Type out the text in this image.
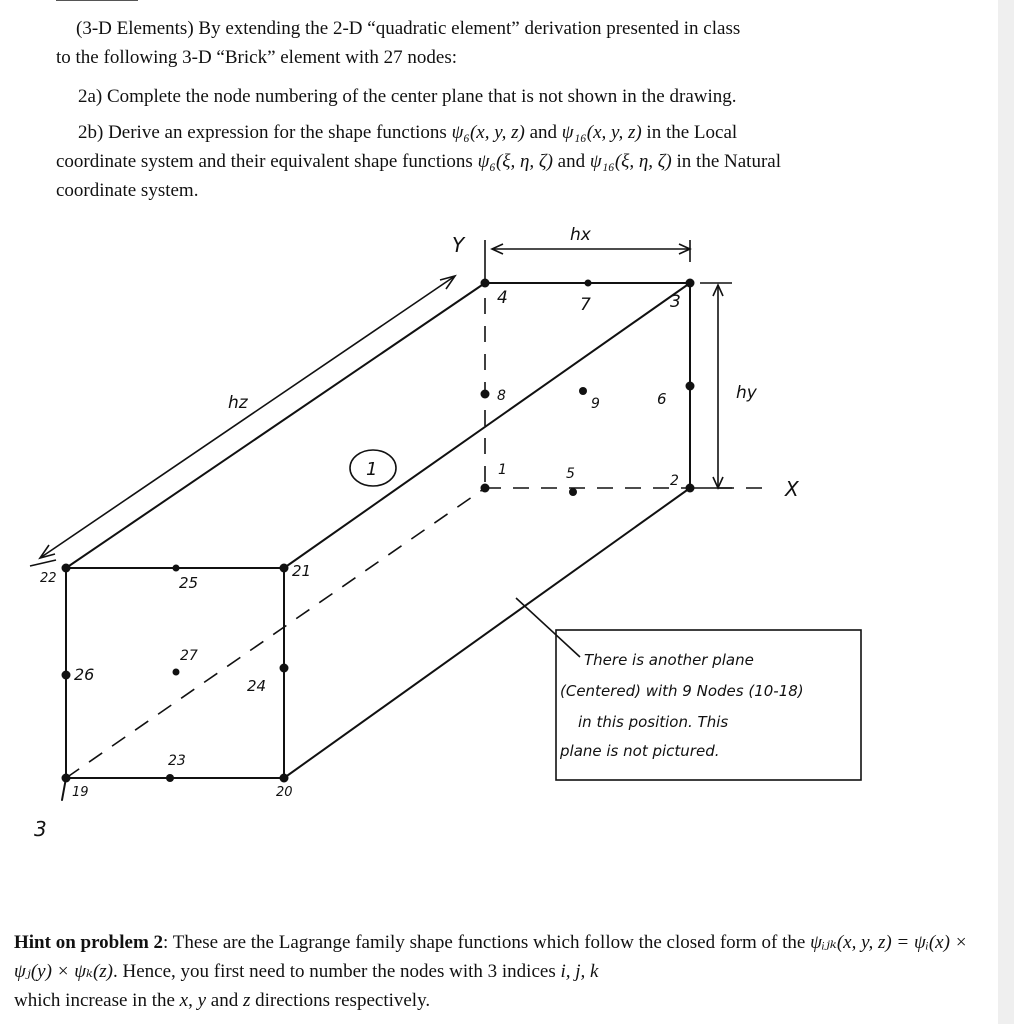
(3-D Elements) By extending the 2-D “quadratic element” derivation presented in class
to the following 3-D “Brick” element with 27 nodes:
2a) Complete the node numbering of the center plane that is not shown in the drawing.
2b) Derive an expression for the shape functions ψ₆(x, y, z) and ψ₁₆(x, y, z) in the Local
coordinate system and their equivalent shape functions ψ₆(ξ, η, ζ) and ψ₁₆(ξ, η, ζ) in the Natural
coordinate system.
Y
X
3
hx
hy
hz
1
4	7	3
8	9	6
1	5	2
22	25
21
26
27
24
23
19	20
There is another plane
(Centered) with 9 Nodes (10-18)
in this position. This
plane is not pictured.
Hint on problem 2: These are the Lagrange family shape functions which follow the closed form of the ψᵢⱼₖ(x, y, z) = ψᵢ(x) × ψⱼ(y) × ψₖ(z). Hence, you first need to number the nodes with 3 indices i, j, k
which increase in the x, y and z directions respectively.
